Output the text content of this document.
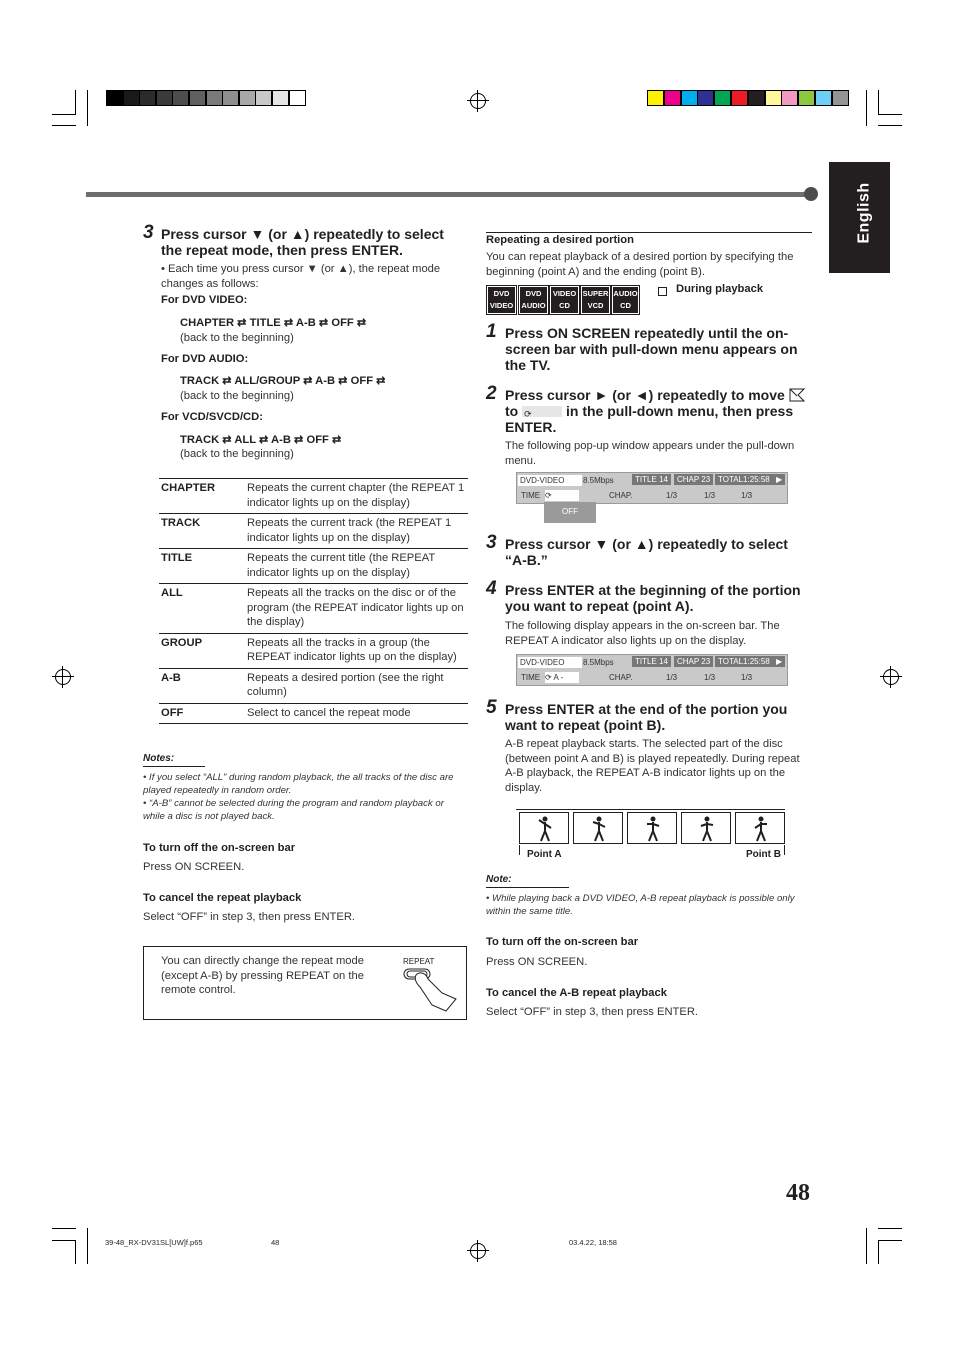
English
3 Press cursor ▼ (or ▲) repeatedly to select the repeat mode, then press ENTER.
• Each time you press cursor ▼ (or ▲), the repeat mode changes as follows:
For DVD VIDEO:
CHAPTER ⇄ TITLE ⇄ A-B ⇄ OFF ⇄
(back to the beginning)
For DVD AUDIO:
TRACK ⇄ ALL/GROUP ⇄ A-B ⇄ OFF ⇄
(back to the beginning)
For VCD/SVCD/CD:
TRACK ⇄ ALL ⇄ A-B ⇄ OFF ⇄
(back to the beginning)
CHAPTER	Repeats the current chapter (the REPEAT 1 indicator lights up on the display)
TRACK	Repeats the current track (the REPEAT 1 indicator lights up on the display)
TITLE	Repeats the current title (the REPEAT indicator lights up on the display)
ALL	Repeats all the tracks on the disc or of the program (the REPEAT indicator lights up on the display)
GROUP	Repeats all the tracks in a group (the REPEAT indicator lights up on the display)
A-B	Repeats a desired portion (see the right column)
OFF	Select to cancel the repeat mode
Notes:
• If you select “ALL” during random playback, the all tracks of the disc are played repeatedly in random order.
• “A-B” cannot be selected during the program and random playback or while a disc is not played back.
To turn off the on-screen bar
Press ON SCREEN.
To cancel the repeat playback
Select “OFF” in step 3, then press ENTER.
You can directly change the repeat mode (except A-B) by pressing REPEAT on the remote control.
REPEAT
Repeating a desired portion
You can repeat playback of a desired portion by specifying the beginning (point A) and the ending (point B).
DVD VIDEO
DVD AUDIO
VIDEO CD
SUPER VCD
AUDIO CD
During playback
1 Press ON SCREEN repeatedly until the on-screen bar with pull-down menu appears on the TV.
2 Press cursor ► (or ◄) repeatedly to move
to ⟳ in the pull-down menu, then press ENTER.
The following pop-up window appears under the pull-down menu.
DVD-VIDEO	8.5Mbps	TITLE 14	CHAP 23 TOTAL1:25:58 ▶
TIME ⟳	CHAP.	1/3	1/3	1/3
OFF
3 Press cursor ▼ (or ▲) repeatedly to select “A-B.”
4 Press ENTER at the beginning of the portion you want to repeat (point A).
The following display appears in the on-screen bar. The REPEAT A indicator also lights up on the display.
DVD-VIDEO	8.5Mbps	TITLE 14	CHAP 23 TOTAL1:25:58 ▶
TIME ⟳ A -	CHAP.	1/3	1/3	1/3
5 Press ENTER at the end of the portion you want to repeat (point B).
A-B repeat playback starts. The selected part of the disc (between point A and B) is played repeatedly. During repeat A-B playback, the REPEAT A-B indicator lights up on the display.
Point A	Point B
Note:
• While playing back a DVD VIDEO, A-B repeat playback is possible only within the same title.
To turn off the on-screen bar
Press ON SCREEN.
To cancel the A-B repeat playback
Select “OFF” in step 3, then press ENTER.
48
39-48_RX-DV31SL[UW]f.p65	48	03.4.22, 18:58
